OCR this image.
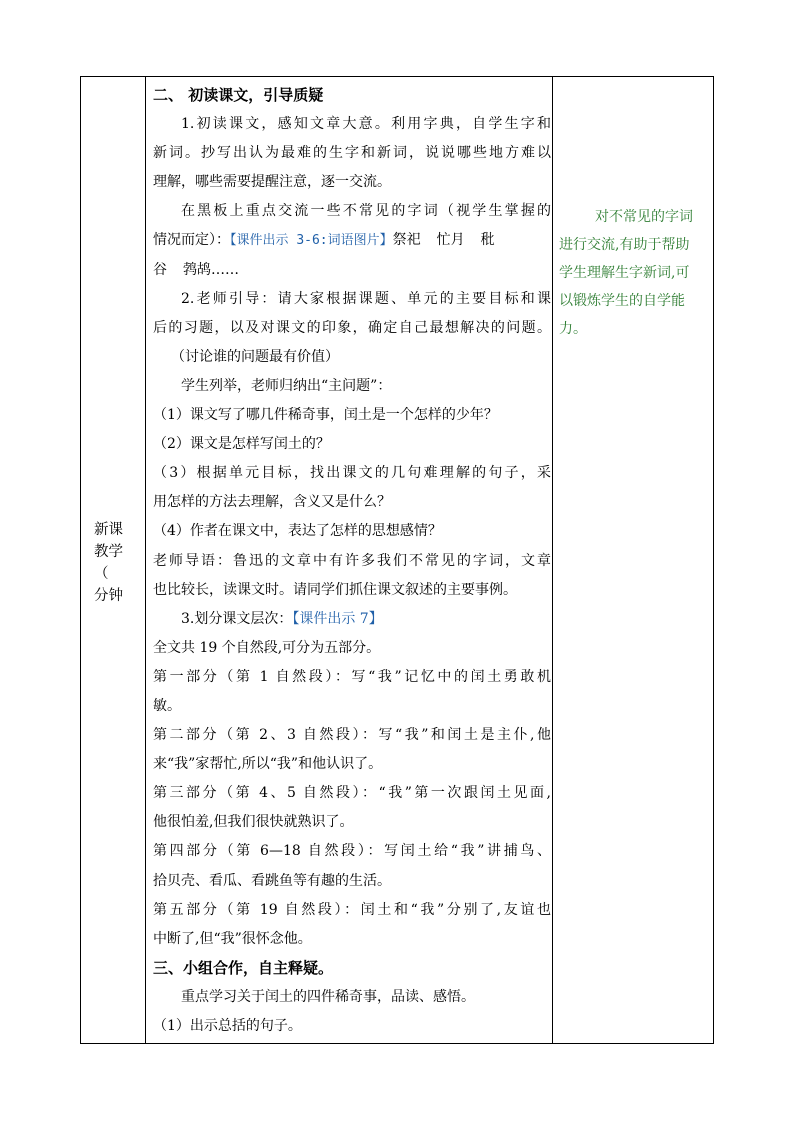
新课
教学
（
分钟
二、 初读课文，引导质疑
1.初读课文，感知文章大意。利用字典，自学生字和
新词。抄写出认为最难的生字和新词，说说哪些地方难以
理解，哪些需要提醒注意，逐一交流。
在黑板上重点交流一些不常见的字词（视学生掌握的
情况而定）：【课件出示 3-6:词语图片】祭祀 忙月 秕
谷 鹁鸪……
2.老师引导：请大家根据课题、单元的主要目标和课
后的习题，以及对课文的印象，确定自己最想解决的问题。
（讨论谁的问题最有价值）
学生列举，老师归纳出“主问题”：
（1）课文写了哪几件稀奇事，闰土是一个怎样的少年？
（2）课文是怎样写闰土的？
（3）根据单元目标，找出课文的几句难理解的句子，采
用怎样的方法去理解，含义又是什么？
（4）作者在课文中，表达了怎样的思想感情？
老师导语：鲁迅的文章中有许多我们不常见的字词，文章
也比较长，读课文时。请同学们抓住课文叙述的主要事例。
3.划分课文层次：【课件出示 7】
全文共 19 个自然段,可分为五部分。
第一部分（第 1 自然段）：写“我”记忆中的闰土勇敢机
敏。
第二部分（第 2、3 自然段）：写“我”和闰土是主仆,他
来“我”家帮忙,所以“我”和他认识了。
第三部分（第 4、5 自然段）：“我”第一次跟闰土见面,
他很怕羞,但我们很快就熟识了。
第四部分（第 6—18 自然段）：写闰土给“我”讲捕鸟、
拾贝壳、看瓜、看跳鱼等有趣的生活。
第五部分（第 19 自然段）：闰土和“我”分别了,友谊也
中断了,但“我”很怀念他。
三、小组合作，自主释疑。
重点学习关于闰土的四件稀奇事，品读、感悟。
（1）出示总括的句子。
对不常见的字词
进行交流,有助于帮助
学生理解生字新词,可
以锻炼学生的自学能
力。
